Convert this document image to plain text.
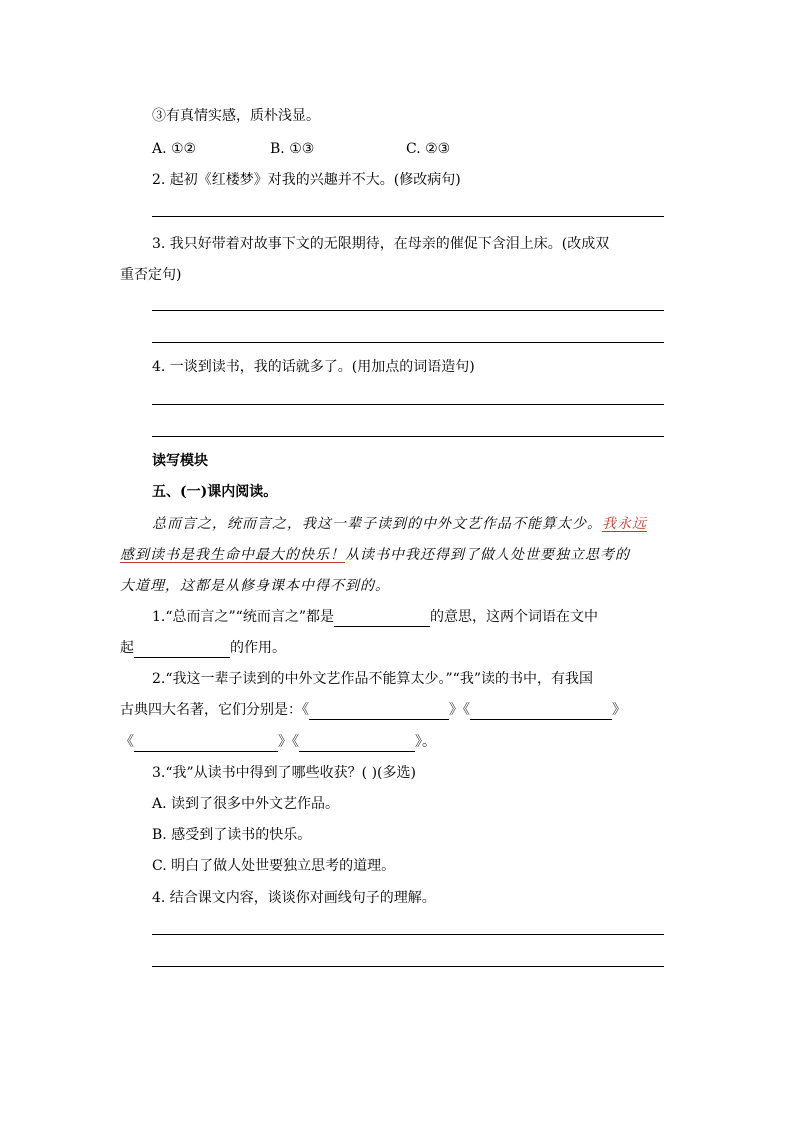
③有真情实感，质朴浅显。
A. ①②	B. ①③	C. ②③
2. 起初《红楼梦》对我的兴趣并不大。(修改病句)
3. 我只好带着对故事下文的无限期待，在母亲的催促下含泪上床。(改成双
重否定句)
4. 一谈到读书，我的话就多了。(用加点的词语造句)
读写模块
五、(一)课内阅读。
总而言之，统而言之，我这一辈子读到的中外文艺作品不能算太少。我永远
感到读书是我生命中最大的快乐！从读书中我还得到了做人处世要独立思考的
大道理，这都是从修身课本中得不到的。
1.“总而言之”“统而言之”都是	的意思，这两个词语在文中
起	的作用。
2.“我这一辈子读到的中外文艺作品不能算太少。”“我”读的书中，有我国
古典四大名著，它们分别是：《	》《	》
《	》《	》。
3.“我”从读书中得到了哪些收获？( )(多选)
A. 读到了很多中外文艺作品。
B. 感受到了读书的快乐。
C. 明白了做人处世要独立思考的道理。
4. 结合课文内容，谈谈你对画线句子的理解。
